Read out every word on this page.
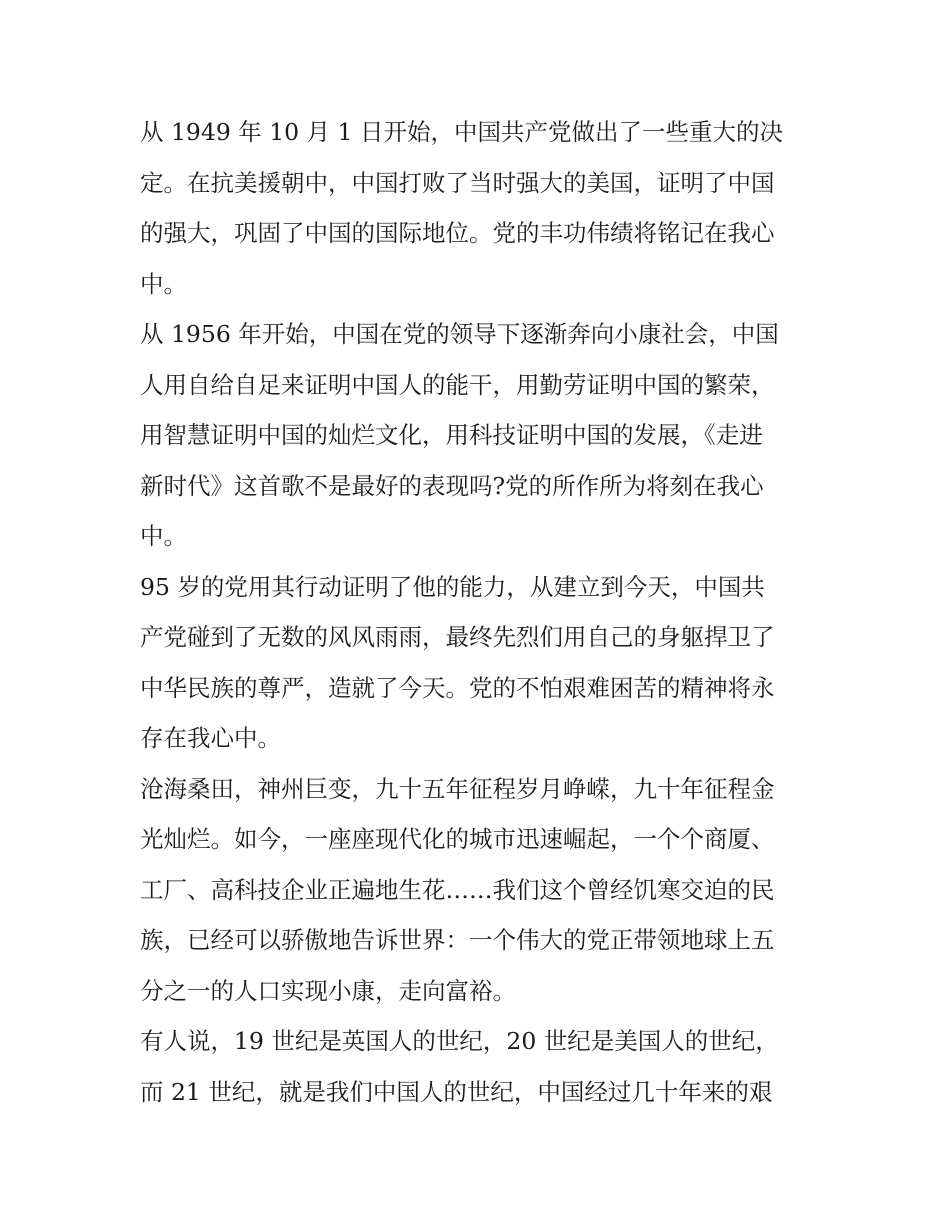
从 1949 年 10 月 1 日开始，中国共产党做出了一些重大的决
定。在抗美援朝中，中国打败了当时强大的美国，证明了中国
的强大，巩固了中国的国际地位。党的丰功伟绩将铭记在我心
中。
从 1956 年开始，中国在党的领导下逐渐奔向小康社会，中国
人用自给自足来证明中国人的能干，用勤劳证明中国的繁荣，
用智慧证明中国的灿烂文化，用科技证明中国的发展，《走进
新时代》这首歌不是最好的表现吗?党的所作所为将刻在我心
中。
95 岁的党用其行动证明了他的能力，从建立到今天，中国共
产党碰到了无数的风风雨雨，最终先烈们用自己的身躯捍卫了
中华民族的尊严，造就了今天。党的不怕艰难困苦的精神将永
存在我心中。
沧海桑田，神州巨变，九十五年征程岁月峥嵘，九十年征程金
光灿烂。如今，一座座现代化的城市迅速崛起，一个个商厦、
工厂、高科技企业正遍地生花……我们这个曾经饥寒交迫的民
族，已经可以骄傲地告诉世界：一个伟大的党正带领地球上五
分之一的人口实现小康，走向富裕。
有人说，19 世纪是英国人的世纪，20 世纪是美国人的世纪，
而 21 世纪，就是我们中国人的世纪，中国经过几十年来的艰
